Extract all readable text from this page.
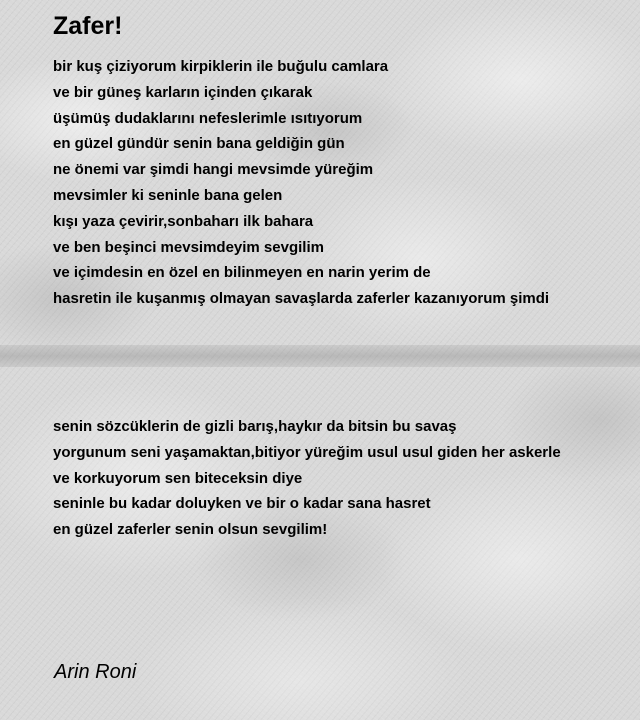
Zafer!
bir kuş çiziyorum kirpiklerin ile buğulu camlara
ve bir güneş karların içinden çıkarak
üşümüş dudaklarını nefeslerimle ısıtıyorum
en güzel gündür senin bana geldiğin gün
ne önemi var şimdi hangi mevsimde yüreğim
mevsimler ki seninle bana gelen
kışı yaza çevirir,sonbaharı ilk bahara
ve ben beşinci mevsimdeyim sevgilim
ve içimdesin en özel en bilinmeyen en narin yerim de
hasretin ile kuşanmış olmayan savaşlarda zaferler kazanıyorum şimdi
senin sözcüklerin de gizli barış,haykır da bitsin bu savaş
yorgunum seni yaşamaktan,bitiyor yüreğim usul usul giden her askerle
ve korkuyorum sen biteceksin diye
seninle bu kadar doluyken ve bir o kadar sana hasret
en güzel zaferler senin olsun sevgilim!
Arin Roni
